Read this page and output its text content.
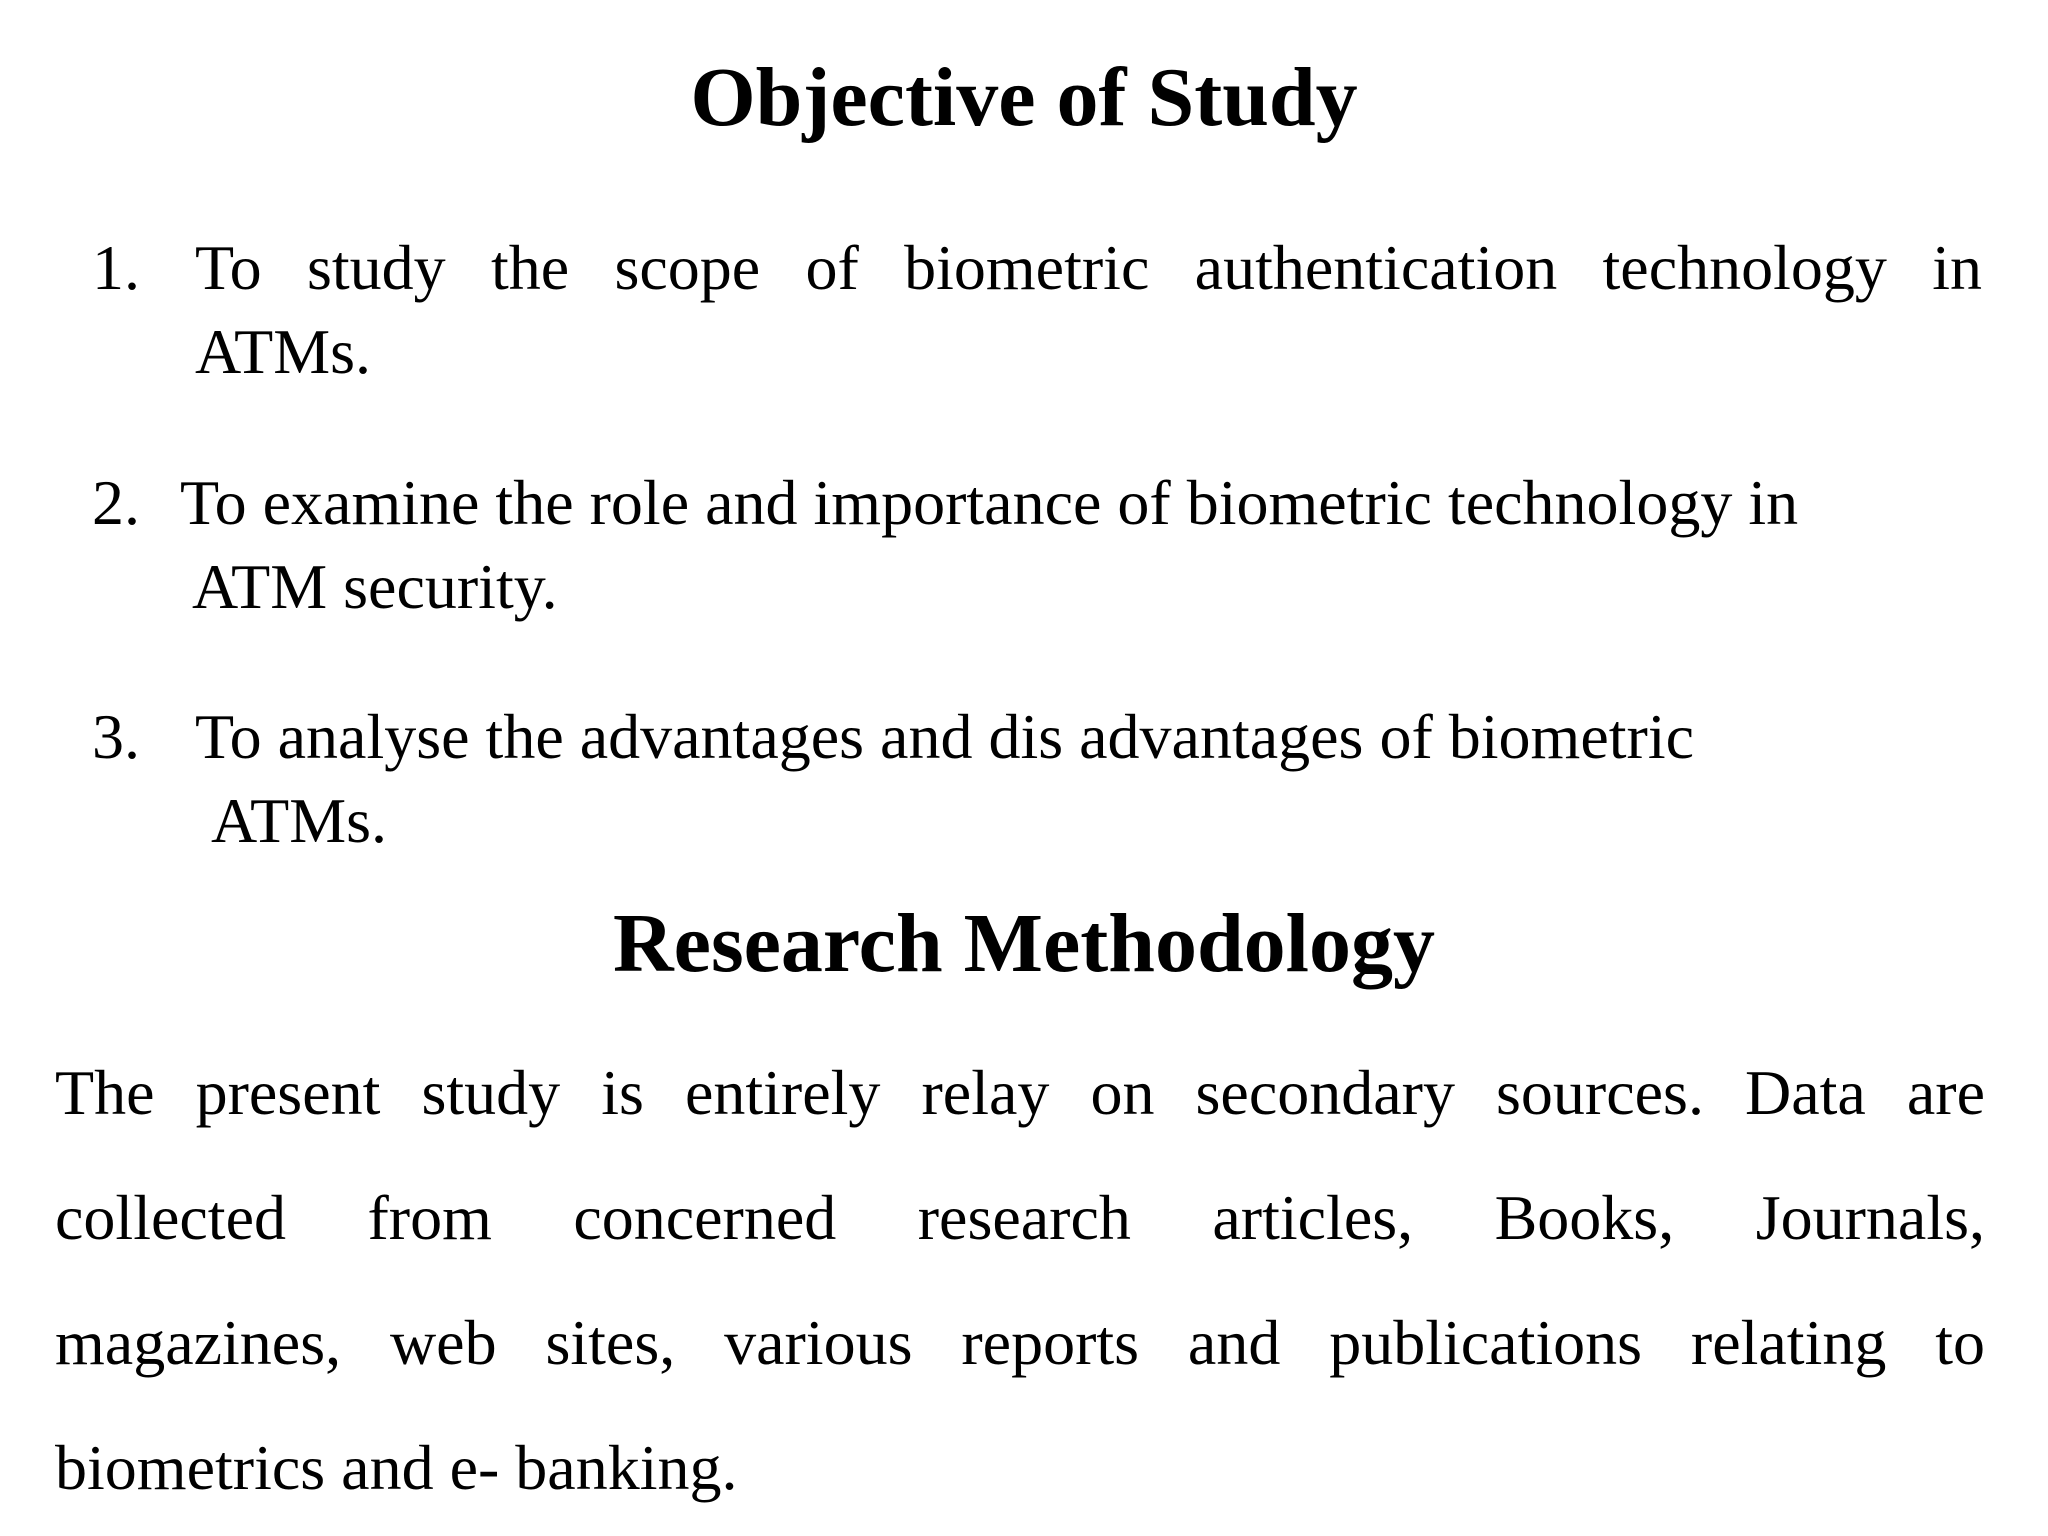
Objective of Study
1. To study the scope of biometric authentication technology in
ATMs.
2. To examine the role and importance of biometric technology in
ATM security.
3. To analyse the advantages and dis advantages of biometric
ATMs.
Research Methodology
The present study is entirely relay on secondary sources. Data are
collected from concerned research articles, Books, Journals,
magazines, web sites, various reports and publications relating to
biometrics and e- banking.
